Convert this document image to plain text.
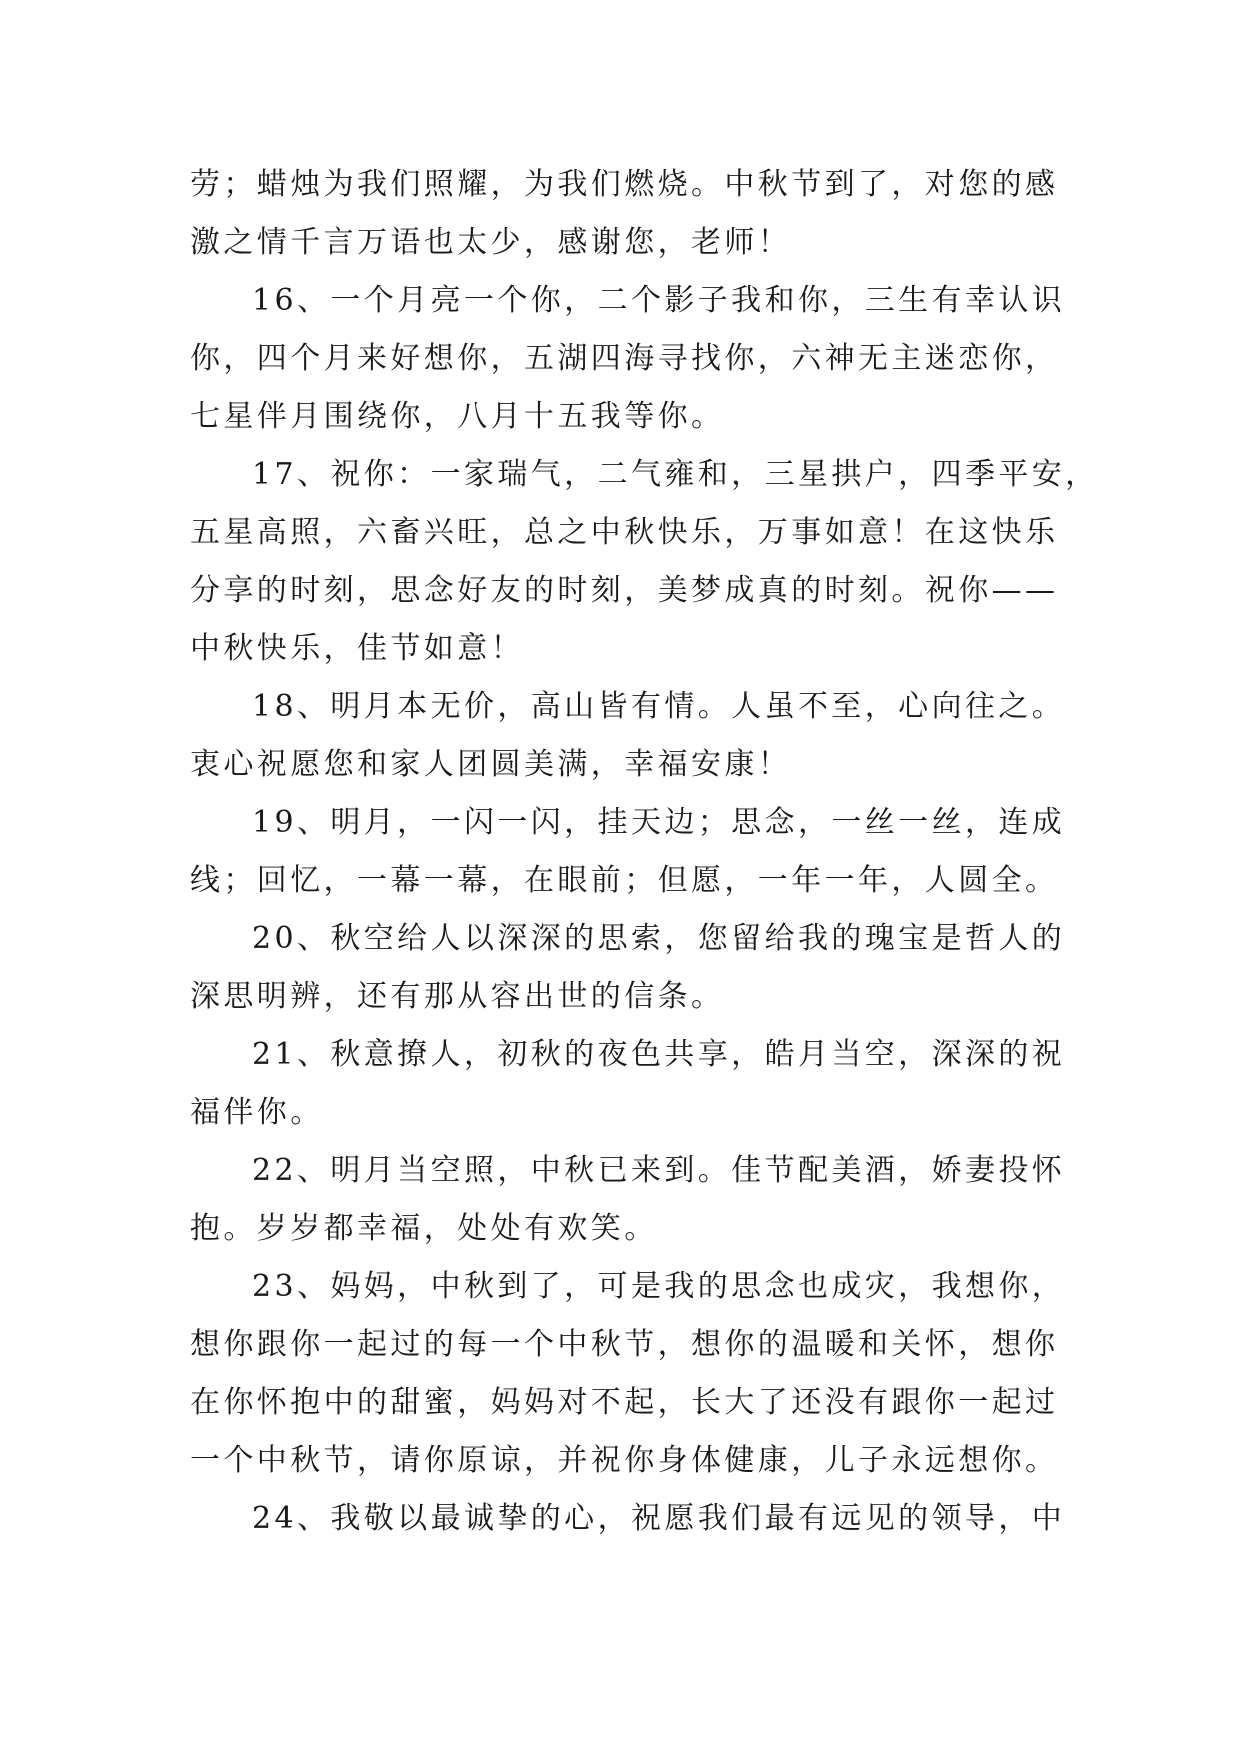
劳；蜡烛为我们照耀，为我们燃烧。中秋节到了，对您的感
激之情千言万语也太少，感谢您，老师！
16、一个月亮一个你，二个影子我和你，三生有幸认识
你，四个月来好想你，五湖四海寻找你，六神无主迷恋你，
七星伴月围绕你，八月十五我等你。
17、祝你：一家瑞气，二气雍和，三星拱户，四季平安，
五星高照，六畜兴旺，总之中秋快乐，万事如意！在这快乐
分享的时刻，思念好友的时刻，美梦成真的时刻。祝你——
中秋快乐，佳节如意！
18、明月本无价，高山皆有情。人虽不至，心向往之。
衷心祝愿您和家人团圆美满，幸福安康！
19、明月，一闪一闪，挂天边；思念，一丝一丝，连成
线；回忆，一幕一幕，在眼前；但愿，一年一年，人圆全。
20、秋空给人以深深的思索，您留给我的瑰宝是哲人的
深思明辨，还有那从容出世的信条。
21、秋意撩人，初秋的夜色共享，皓月当空，深深的祝
福伴你。
22、明月当空照，中秋已来到。佳节配美酒，娇妻投怀
抱。岁岁都幸福，处处有欢笑。
23、妈妈，中秋到了，可是我的思念也成灾，我想你，
想你跟你一起过的每一个中秋节，想你的温暖和关怀，想你
在你怀抱中的甜蜜，妈妈对不起，长大了还没有跟你一起过
一个中秋节，请你原谅，并祝你身体健康，儿子永远想你。
24、我敬以最诚挚的心，祝愿我们最有远见的领导，中
